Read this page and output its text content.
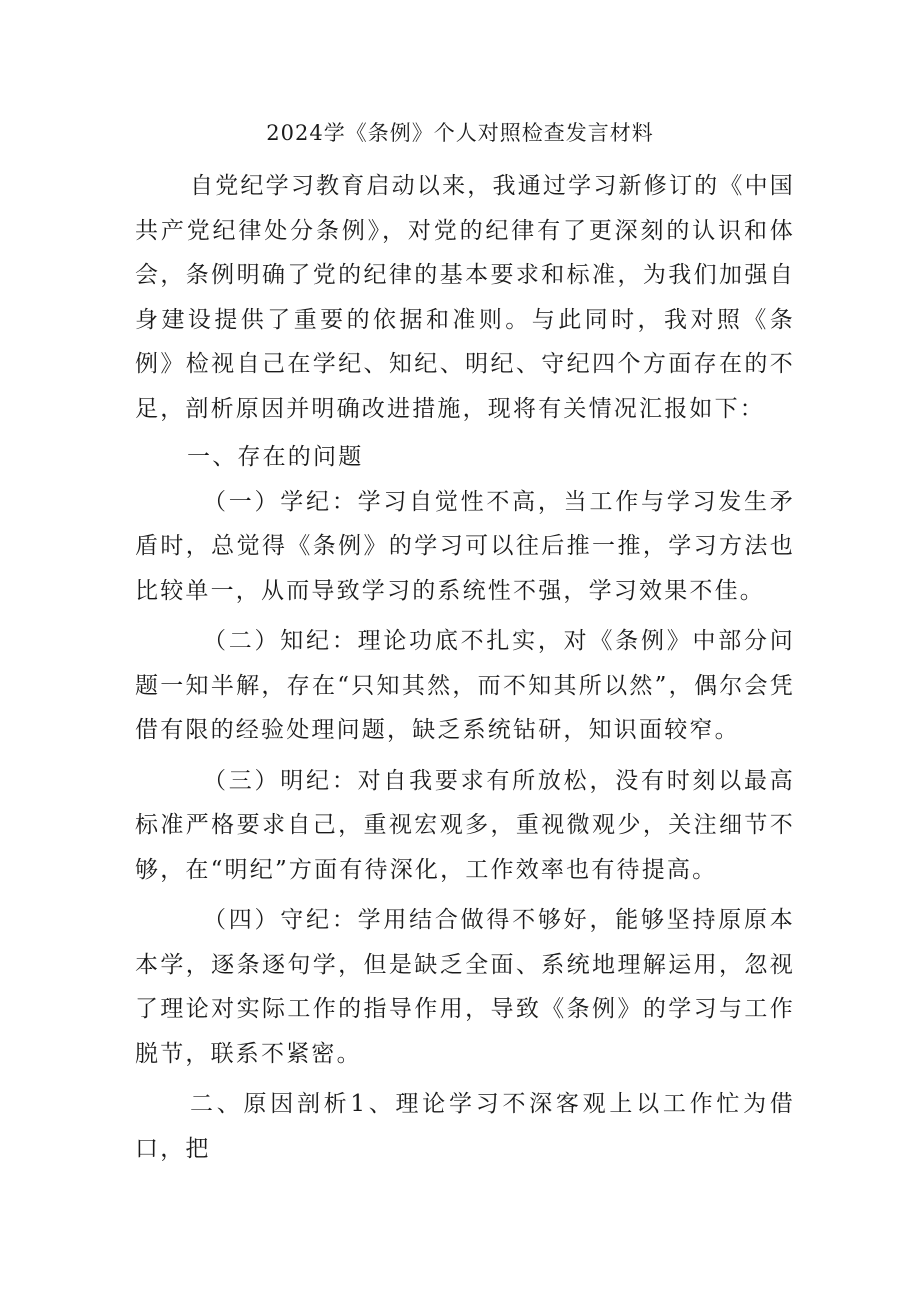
2024学《条例》个人对照检查发言材料

自党纪学习教育启动以来，我通过学习新修订的《中国共产党纪律处分条例》，对党的纪律有了更深刻的认识和体会，条例明确了党的纪律的基本要求和标准，为我们加强自身建设提供了重要的依据和准则。与此同时，我对照《条例》检视自己在学纪、知纪、明纪、守纪四个方面存在的不足，剖析原因并明确改进措施，现将有关情况汇报如下：

一、存在的问题

（一）学纪：学习自觉性不高，当工作与学习发生矛盾时，总觉得《条例》的学习可以往后推一推，学习方法也比较单一，从而导致学习的系统性不强，学习效果不佳。

（二）知纪：理论功底不扎实，对《条例》中部分问题一知半解，存在“只知其然，而不知其所以然”，偶尔会凭借有限的经验处理问题，缺乏系统钻研，知识面较窄。

（三）明纪：对自我要求有所放松，没有时刻以最高标准严格要求自己，重视宏观多，重视微观少，关注细节不够，在“明纪”方面有待深化，工作效率也有待提高。

（四）守纪：学用结合做得不够好，能够坚持原原本本学，逐条逐句学，但是缺乏全面、系统地理解运用，忽视了理论对实际工作的指导作用，导致《条例》的学习与工作脱节，联系不紧密。

二、原因剖析1、理论学习不深客观上以工作忙为借口，把
